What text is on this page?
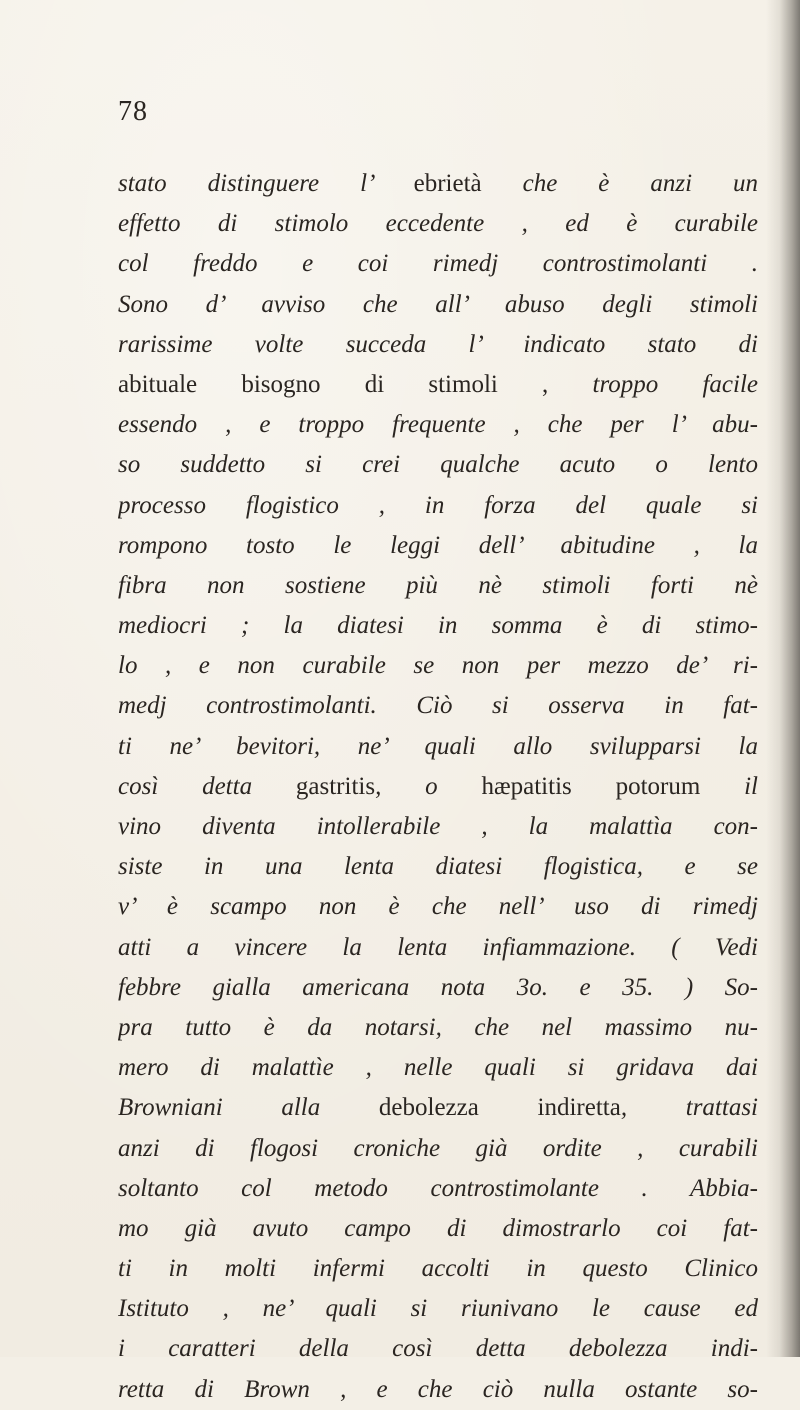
78
stato distinguere l’ ebrietà che è anzi un
effetto di stimolo eccedente , ed è curabile
col freddo e coi rimedj controstimolanti .
Sono d’ avviso che all’ abuso degli stimoli
rarissime volte succeda l’ indicato stato di
abituale bisogno di stimoli , troppo facile
essendo , e troppo frequente , che per l’ abu-
so suddetto si crei qualche acuto o lento
processo flogistico , in forza del quale si
rompono tosto le leggi dell’ abitudine , la
fibra non sostiene più nè stimoli forti nè
mediocri ; la diatesi in somma è di stimo-
lo , e non curabile se non per mezzo de’ ri-
medj controstimolanti. Ciò si osserva in fat-
ti ne’ bevitori, ne’ quali allo svilupparsi la
così detta gastritis, o hæpatitis potorum il
vino diventa intollerabile , la malattìa con-
siste in una lenta diatesi flogistica, e se
v’ è scampo non è che nell’ uso di rimedj
atti a vincere la lenta infiammazione. ( Vedi
febbre gialla americana nota 3o. e 35. ) So-
pra tutto è da notarsi, che nel massimo nu-
mero di malattìe , nelle quali si gridava dai
Browniani alla debolezza indiretta, trattasi
anzi di flogosi croniche già ordite , curabili
soltanto col metodo controstimolante . Abbia-
mo già avuto campo di dimostrarlo coi fat-
ti in molti infermi accolti in questo Clinico
Istituto , ne’ quali si riunivano le cause ed
i caratteri della così detta debolezza indi-
retta di Brown , e che ciò nulla ostante so-
